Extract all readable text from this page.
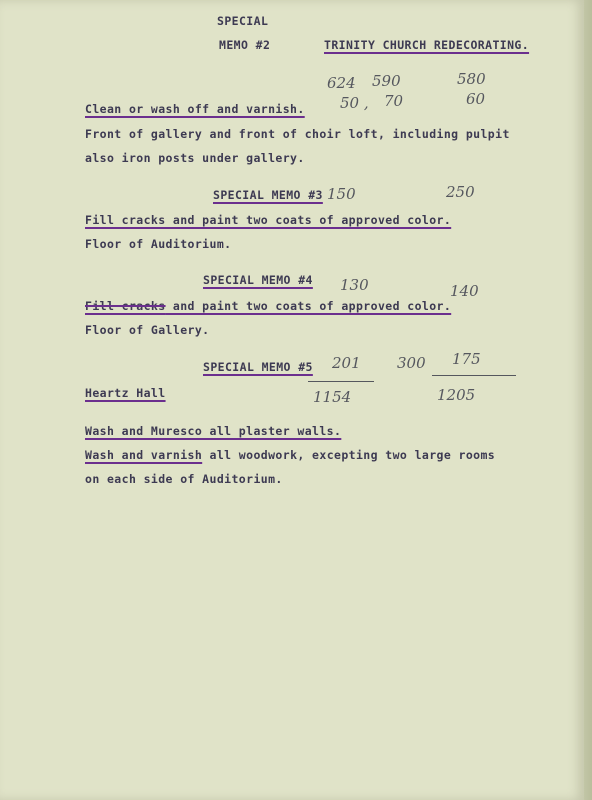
SPECIAL
MEMO #2	TRINITY CHURCH REDECORATING.
624 590	580
50 , 70	60
Clean or wash off and varnish.
Front of gallery and front of choir loft, including pulpit
also iron posts under gallery.
SPECIAL MEMO #3 150	250
Fill cracks and paint two coats of approved color.
Floor of Auditorium.
SPECIAL MEMO #4 130	140
Fill cracks and paint two coats of approved color.
Floor of Gallery.
SPECIAL MEMO #5 201 300 175
Heartz Hall	1154	1205
Wash and Muresco all plaster walls.
Wash and varnish all woodwork, excepting two large rooms
on each side of Auditorium.
